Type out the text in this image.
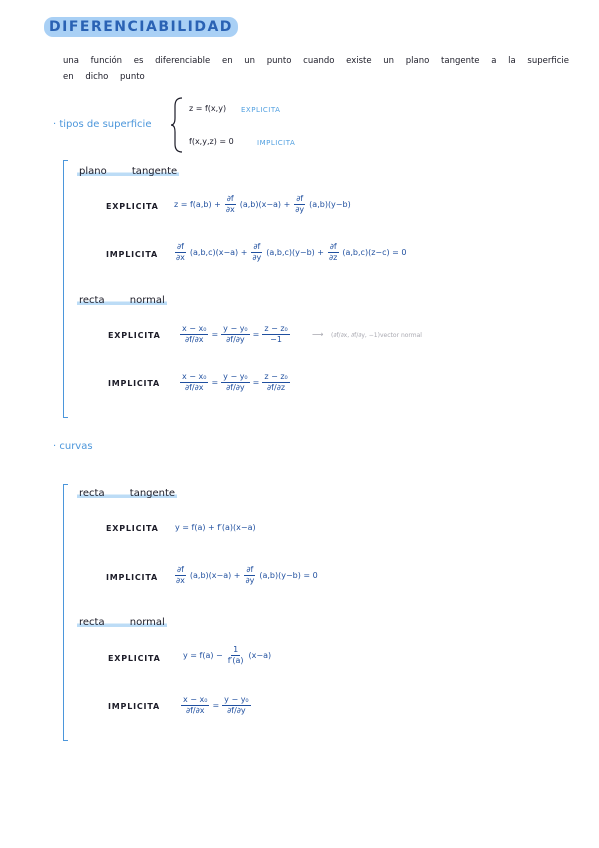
DIFERENCIABILIDAD
una función es diferenciable en un punto cuando existe un plano tangente a la superficie
en dicho punto
· tipos de superficie
z = f(x,y) EXPLICITA
f(x,y,z) = 0	IMPLICITA
plano tangente
EXPLICITA $z = f(a,b) + \frac{\partial f}{\partial x} (a,b)(x-a) + \frac{\partial f}{\partial y} (a,b)(y-b)$
IMPLICITA $\frac{\partial f}{\partial x} (a,b,c)(x-a) + \frac{\partial f}{\partial y} (a,b,c)(y-b) + \frac{\partial f}{\partial z} (a,b,c)(z-c) = 0$
recta normal
EXPLICITA $\frac{\text{x − x₀}}{\partial f/\partial x} = \frac{\text{y − y₀}}{\partial f/\partial y} = \frac{\text{z − z₀}}{-1}$	⟶ (∂f/∂x, ∂f/∂y, −1) vector normal
IMPLICITA	$\frac{\text{x − x₀}}{\partial f/\partial x} = \frac{\text{y − y₀}}{\partial f/\partial y} = \frac{\text{z − z₀}}{\partial f/\partial z}$
· curvas
recta tangente
EXPLICITA y = f(a) + f′(a)(x−a)
IMPLICITA $\frac{\partial f}{\partial x} (a,b)(x-a) + \frac{\partial f}{\partial y} (a,b)(y-b) = 0$
recta normal
EXPLICITA	$y = f(a) - \frac{1}{f'(a)} (x-a)$
IMPLICITA	$\frac{\text{x − x₀}}{\partial f/\partial x} = \frac{\text{y − y₀}}{\partial f/\partial y}$
